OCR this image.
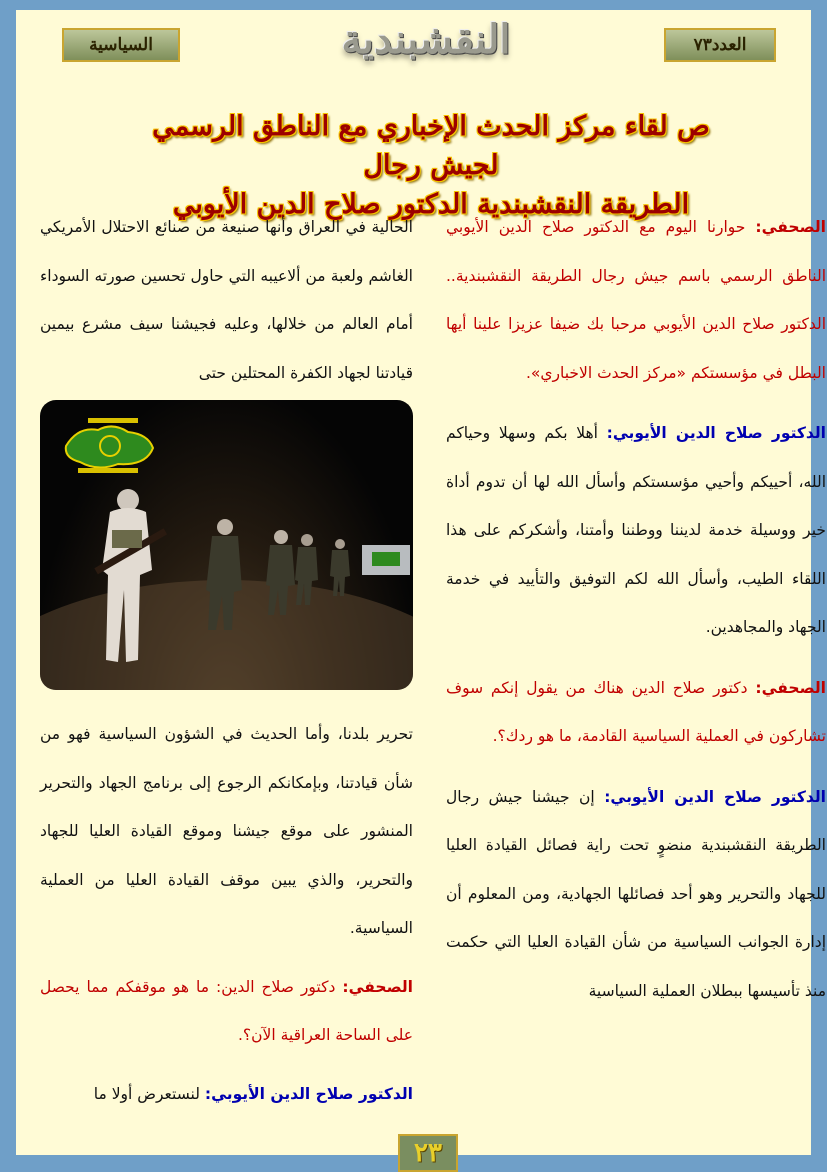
السياسية	النقشبندية	العدد٧٣
ص لقاء مركز الحدث الإخباري مع الناطق الرسمي لجيش رجال
الطريقة النقشبندية الدكتور صلاح الدين الأيوبي

الصحفي: حوارنا اليوم مع الدكتور صلاح الدين الأيوبي الناطق الرسمي باسم جيش رجال الطريقة النقشبندية.. الدكتور صلاح الدين الأيوبي مرحبا بك ضيفا عزيزا علينا أيها البطل في مؤسستكم «مركز الحدث الاخباري».

الدكتور صلاح الدين الأيوبي: أهلا بكم وسهلا وحياكم الله، أحييكم وأحيي مؤسستكم وأسأل الله لها أن تدوم أداة خير ووسيلة خدمة لديننا ووطننا وأمتنا، وأشكركم على هذا اللقاء الطيب، وأسأل الله لكم التوفيق والتأييد في خدمة الجهاد والمجاهدين.

الصحفي: دكتور صلاح الدين هناك من يقول إنكم سوف تشاركون في العملية السياسية القادمة، ما هو ردك؟.

الدكتور صلاح الدين الأيوبي: إن جيشنا جيش رجال الطريقة النقشبندية منضوٍ تحت راية فصائل القيادة العليا للجهاد والتحرير وهو أحد فصائلها الجهادية، ومن المعلوم أن إدارة الجوانب السياسية من شأن القيادة العليا التي حكمت منذ تأسيسها ببطلان العملية السياسية

الحالية في العراق وأنها صنيعة من صنائع الاحتلال الأمريكي الغاشم ولعبة من ألاعيبه التي حاول تحسين صورته السوداء أمام العالم من خلالها، وعليه فجيشنا سيف مشرع بيمين قيادتنا لجهاد الكفرة المحتلين حتى

تحرير بلدنا، وأما الحديث في الشؤون السياسية فهو من شأن قيادتنا، وبإمكانكم الرجوع إلى برنامج الجهاد والتحرير المنشور على موقع جيشنا وموقع القيادة العليا للجهاد والتحرير، والذي يبين موقف القيادة العليا من العملية السياسية.

الصحفي: دكتور صلاح الدين: ما هو موقفكم مما يحصل على الساحة العراقية الآن؟.

الدكتور صلاح الدين الأيوبي: لنستعرض أولا ما

٢٣
